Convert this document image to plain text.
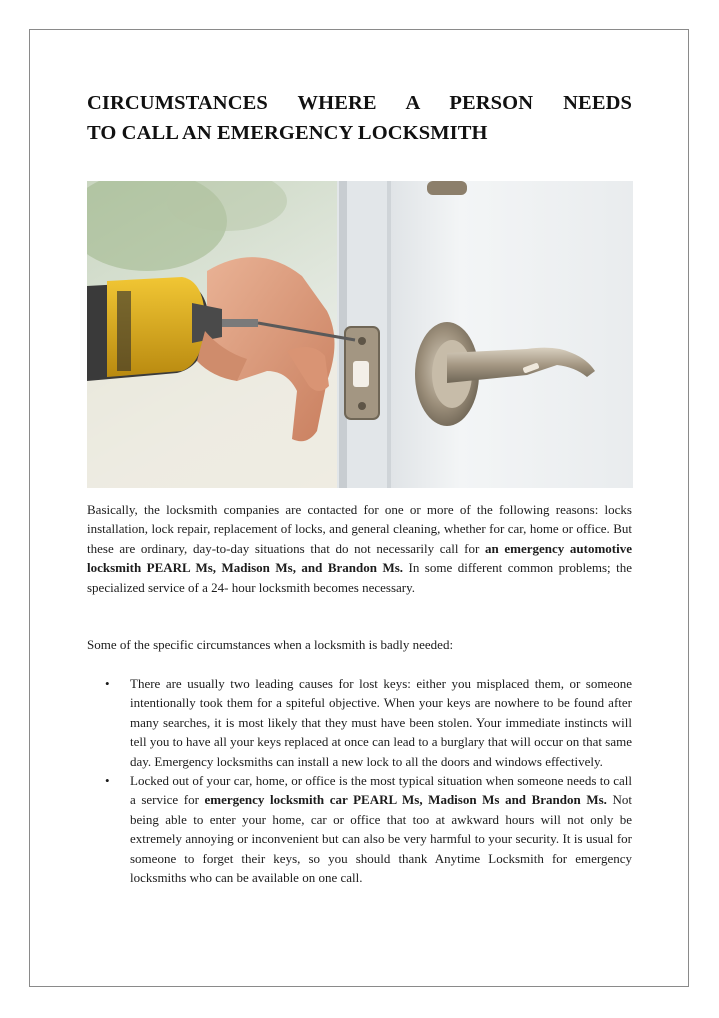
CIRCUMSTANCES WHERE A PERSON NEEDS
TO CALL AN EMERGENCY LOCKSMITH

Basically, the locksmith companies are contacted for one or more of the following reasons: locks installation, lock repair, replacement of locks, and general cleaning, whether for car, home or office. But these are ordinary, day-to-day situations that do not necessarily call for an emergency automotive locksmith PEARL Ms, Madison Ms, and Brandon Ms. In some different common problems; the specialized service of a 24- hour locksmith becomes necessary.

Some of the specific circumstances when a locksmith is badly needed:

• There are usually two leading causes for lost keys: either you misplaced them, or someone intentionally took them for a spiteful objective. When your keys are nowhere to be found after many searches, it is most likely that they must have been stolen. Your immediate instincts will tell you to have all your keys replaced at once can lead to a burglary that will occur on that same day. Emergency locksmiths can install a new lock to all the doors and windows effectively.
• Locked out of your car, home, or office is the most typical situation when someone needs to call a service for emergency locksmith car PEARL Ms, Madison Ms and Brandon Ms. Not being able to enter your home, car or office that too at awkward hours will not only be extremely annoying or inconvenient but can also be very harmful to your security. It is usual for someone to forget their keys, so you should thank Anytime Locksmith for emergency locksmiths who can be available on one call.
